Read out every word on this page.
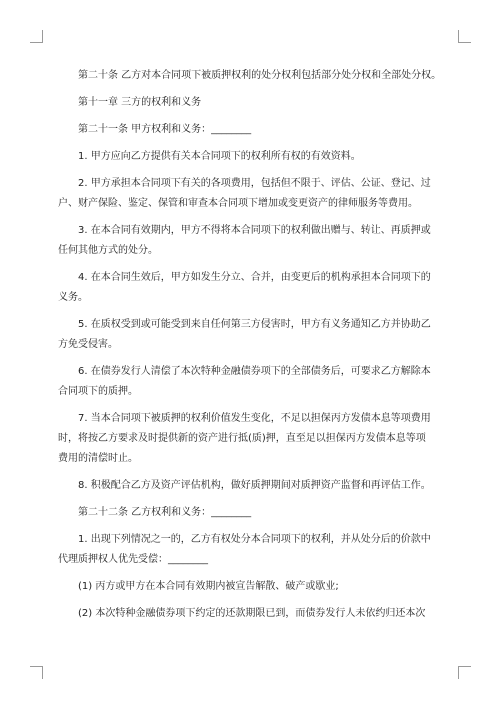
第二十条 乙方对本合同项下被质押权利的处分权利包括部分处分权和全部处分权。
第十一章 三方的权利和义务
第二十一条 甲方权利和义务：________
1. 甲方应向乙方提供有关本合同项下的权利所有权的有效资料。
2. 甲方承担本合同项下有关的各项费用，包括但不限于、评估、公证、登记、过
户、财产保险、鉴定、保管和审查本合同项下增加或变更资产的律师服务等费用。
3. 在本合同有效期内，甲方不得将本合同项下的权利做出赠与、转让、再质押或
任何其他方式的处分。
4. 在本合同生效后，甲方如发生分立、合并，由变更后的机构承担本合同项下的
义务。
5. 在质权受到或可能受到来自任何第三方侵害时，甲方有义务通知乙方并协助乙
方免受侵害。
6. 在债券发行人清偿了本次特种金融债券项下的全部债务后，可要求乙方解除本
合同项下的质押。
7. 当本合同项下被质押的权利价值发生变化，不足以担保丙方发债本息等项费用
时，将按乙方要求及时提供新的资产进行抵(质)押，直至足以担保丙方发债本息等项
费用的清偿时止。
8. 积极配合乙方及资产评估机构，做好质押期间对质押资产监督和再评估工作。
第二十二条 乙方权利和义务：________
1. 出现下列情况之一的，乙方有权处分本合同项下的权利，并从处分后的价款中
代理质押权人优先受偿：________
(1) 丙方或甲方在本合同有效期内被宣告解散、破产或歇业;
(2) 本次特种金融债券项下约定的还款期限已到，而债券发行人未依约归还本次
